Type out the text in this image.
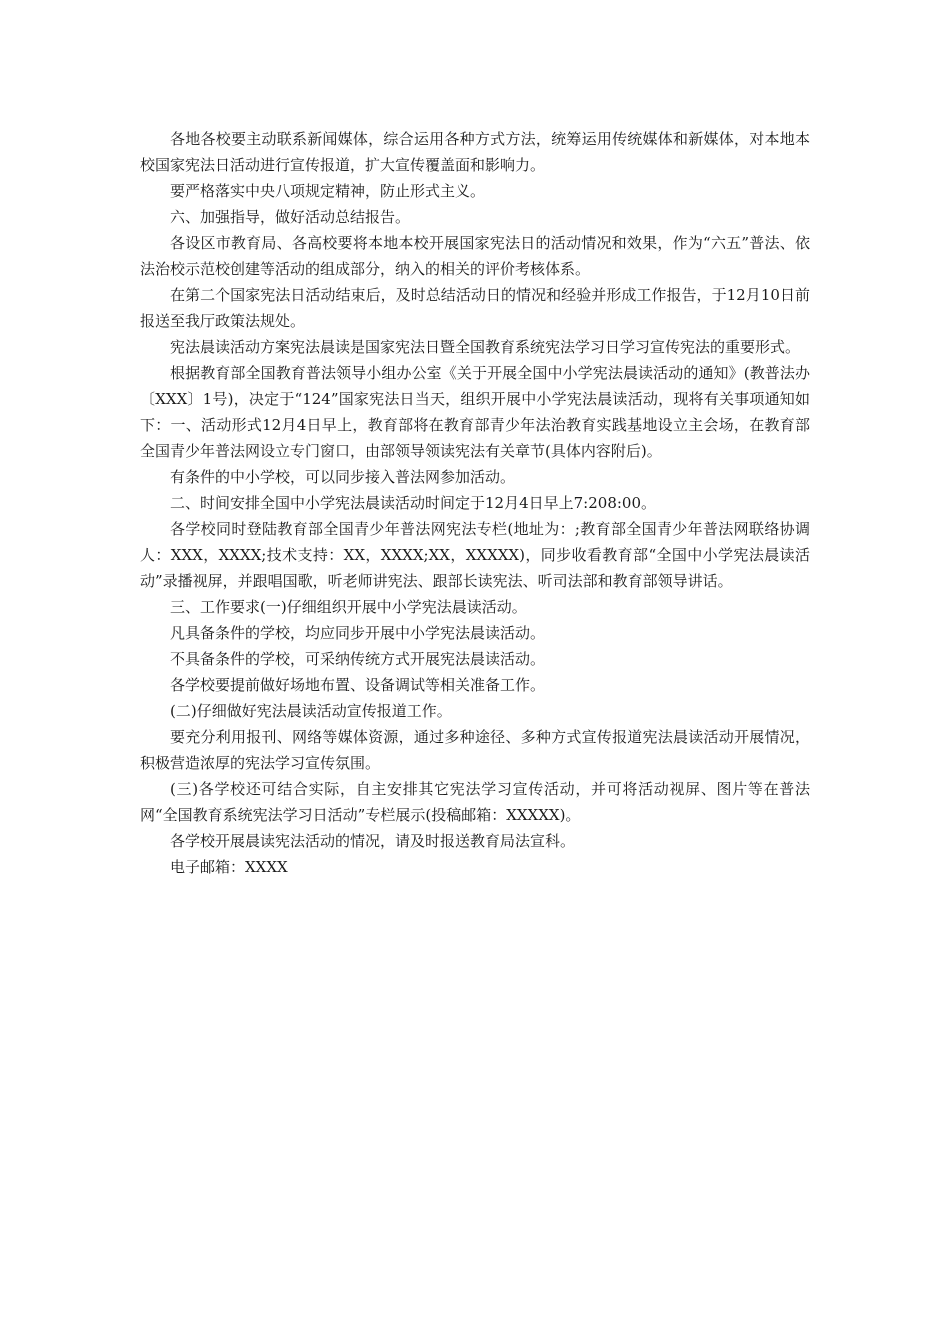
各地各校要主动联系新闻媒体，综合运用各种方式方法，统筹运用传统媒体和新媒体，对本地本校国家宪法日活动进行宣传报道，扩大宣传覆盖面和影响力。

要严格落实中央八项规定精神，防止形式主义。

六、加强指导，做好活动总结报告。

各设区市教育局、各高校要将本地本校开展国家宪法日的活动情况和效果，作为“六五”普法、依法治校示范校创建等活动的组成部分，纳入的相关的评价考核体系。

在第二个国家宪法日活动结束后，及时总结活动日的情况和经验并形成工作报告，于12月10日前报送至我厅政策法规处。

宪法晨读活动方案宪法晨读是国家宪法日暨全国教育系统宪法学习日学习宣传宪法的重要形式。

根据教育部全国教育普法领导小组办公室《关于开展全国中小学宪法晨读活动的通知》(教普法办〔XXX〕1号)，决定于“124”国家宪法日当天，组织开展中小学宪法晨读活动，现将有关事项通知如下：一、活动形式12月4日早上，教育部将在教育部青少年法治教育实践基地设立主会场，在教育部全国青少年普法网设立专门窗口，由部领导领读宪法有关章节(具体内容附后)。

有条件的中小学校，可以同步接入普法网参加活动。

二、时间安排全国中小学宪法晨读活动时间定于12月4日早上7:208:00。

各学校同时登陆教育部全国青少年普法网宪法专栏(地址为：;教育部全国青少年普法网联络协调人：XXX，XXXX;技术支持：XX，XXXX;XX，XXXXX)，同步收看教育部“全国中小学宪法晨读活动”录播视屏，并跟唱国歌，听老师讲宪法、跟部长读宪法、听司法部和教育部领导讲话。

三、工作要求(一)仔细组织开展中小学宪法晨读活动。

凡具备条件的学校，均应同步开展中小学宪法晨读活动。

不具备条件的学校，可采纳传统方式开展宪法晨读活动。

各学校要提前做好场地布置、设备调试等相关准备工作。

(二)仔细做好宪法晨读活动宣传报道工作。

要充分利用报刊、网络等媒体资源，通过多种途径、多种方式宣传报道宪法晨读活动开展情况，积极营造浓厚的宪法学习宣传氛围。

(三)各学校还可结合实际，自主安排其它宪法学习宣传活动，并可将活动视屏、图片等在普法网“全国教育系统宪法学习日活动”专栏展示(投稿邮箱：XXXXX)。

各学校开展晨读宪法活动的情况，请及时报送教育局法宣科。

电子邮箱：XXXX
